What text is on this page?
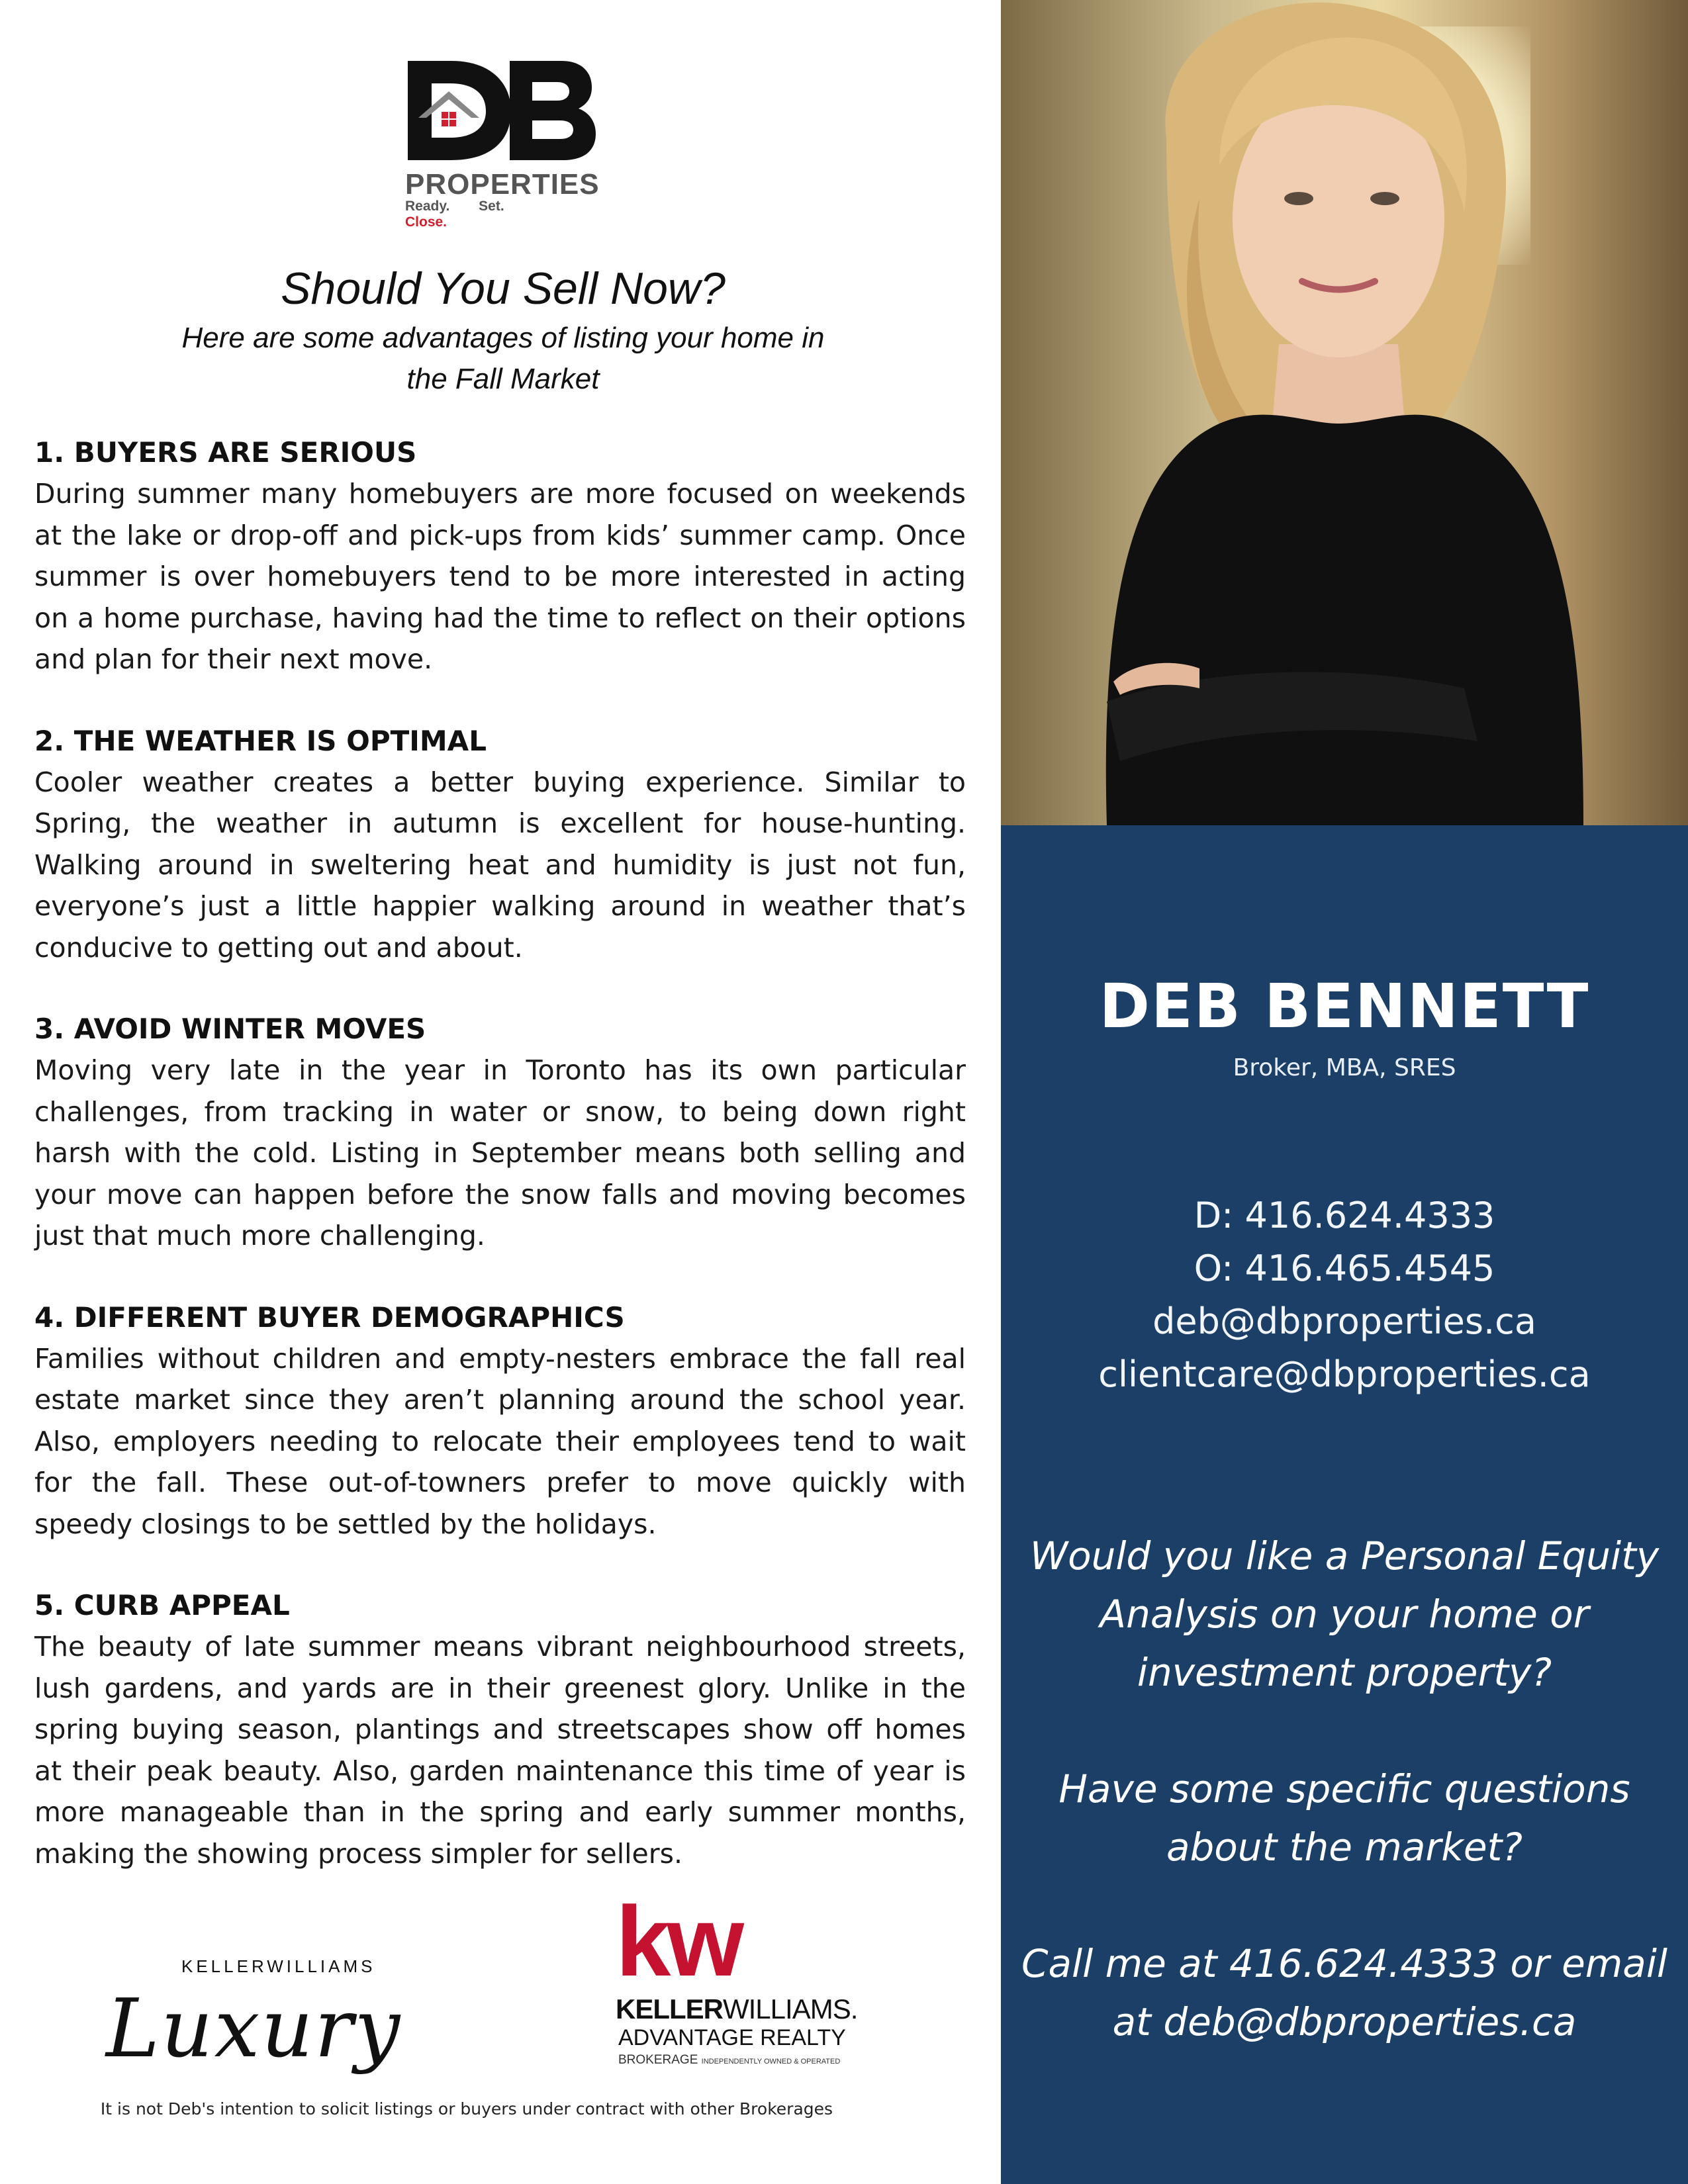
PROPERTIES
Ready. Set. Close.
Should You Sell Now?
Here are some advantages of listing your home in the Fall Market
1. BUYERS ARE SERIOUS

During summer many homebuyers are more focused on weekends at the lake or drop-off and pick-ups from kids’ summer camp. Once summer is over homebuyers tend to be more interested in acting on a home purchase, having had the time to reflect on their options and plan for their next move.

2. THE WEATHER IS OPTIMAL

Cooler weather creates a better buying experience. Similar to Spring, the weather in autumn is excellent for house-hunting. Walking around in sweltering heat and humidity is just not fun, everyone’s just a little happier walking around in weather that’s conducive to getting out and about.

3. AVOID WINTER MOVES

Moving very late in the year in Toronto has its own particular challenges, from tracking in water or snow, to being down right harsh with the cold. Listing in September means both selling and your move can happen before the snow falls and moving becomes just that much more challenging.

4. DIFFERENT BUYER DEMOGRAPHICS

Families without children and empty-nesters embrace the fall real estate market since they aren’t planning around the school year. Also, employers needing to relocate their employees tend to wait for the fall. These out-of-towners prefer to move quickly with speedy closings to be settled by the holidays.

5. CURB APPEAL

The beauty of late summer means vibrant neighbourhood streets, lush gardens, and yards are in their greenest glory. Unlike in the spring buying season, plantings and streetscapes show off homes at their peak beauty. Also, garden maintenance this time of year is more manageable than in the spring and early summer months, making the showing process simpler for sellers.

KELLERWILLIAMS
Luxury
kw
KELLERWILLIAMS.
ADVANTAGE REALTY
BROKERAGE INDEPENDENTLY OWNED & OPERATED
It is not Deb's intention to solicit listings or buyers under contract with other Brokerages
DEB BENNETT
Broker, MBA, SRES
D: 416.624.4333
O: 416.465.4545
deb@dbproperties.ca
clientcare@dbproperties.ca

Would you like a Personal Equity Analysis on your home or investment property?

Have some specific questions about the market?

Call me at 416.624.4333 or email at deb@dbproperties.ca
